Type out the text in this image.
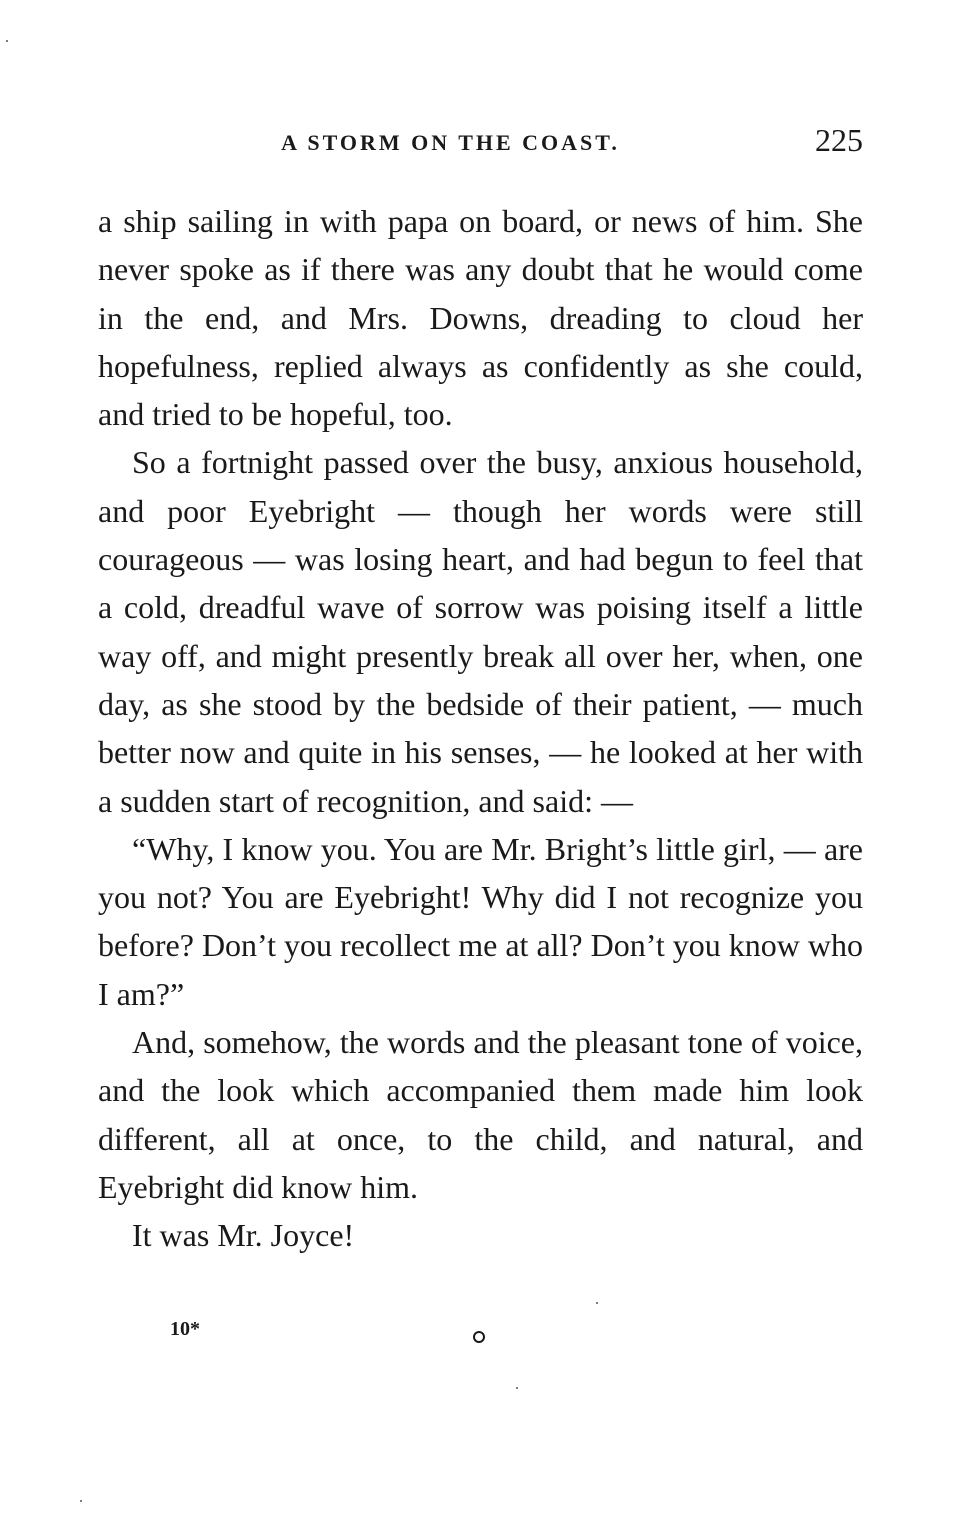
A STORM ON THE COAST.	225

a ship sailing in with papa on board, or news of him. She never spoke as if there was any doubt that he would come in the end, and Mrs. Downs, dreading to cloud her hopefulness, replied always as confidently as she could, and tried to be hopeful, too.

So a fortnight passed over the busy, anxious household, and poor Eyebright — though her words were still courageous — was losing heart, and had begun to feel that a cold, dreadful wave of sorrow was poising itself a little way off, and might presently break all over her, when, one day, as she stood by the bedside of their patient, — much better now and quite in his senses, — he looked at her with a sudden start of recognition, and said: —

“Why, I know you. You are Mr. Bright’s little girl, — are you not? You are Eyebright! Why did I not recognize you before? Don’t you recollect me at all? Don’t you know who I am?”

And, somehow, the words and the pleasant tone of voice, and the look which accompanied them made him look different, all at once, to the child, and natural, and Eyebright did know him.

It was Mr. Joyce!

10*
